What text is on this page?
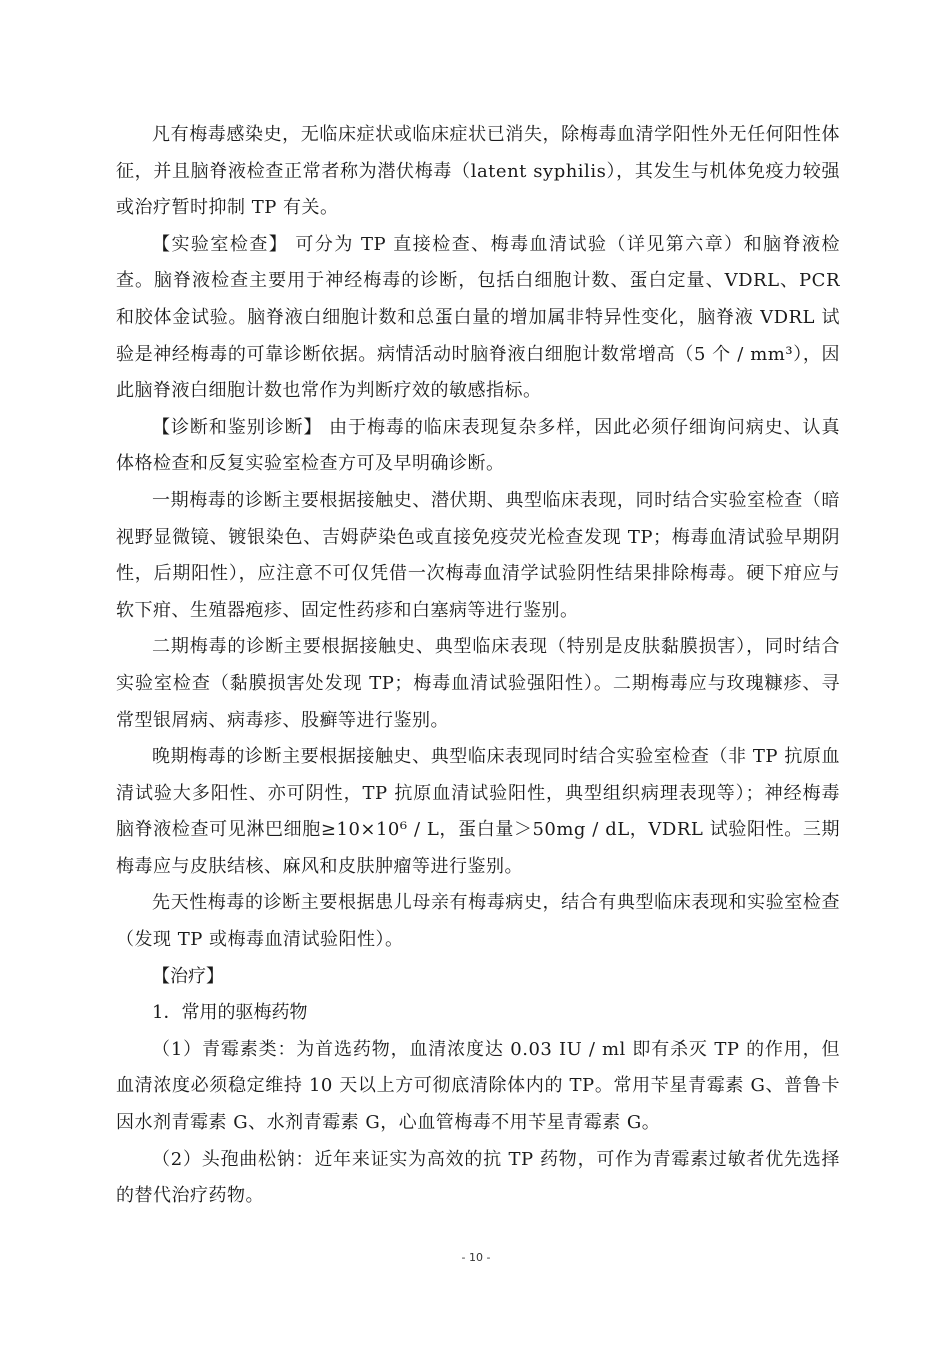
凡有梅毒感染史，无临床症状或临床症状已消失，除梅毒血清学阳性外无任何阳性体征，并且脑脊液检查正常者称为潜伏梅毒（latent syphilis），其发生与机体免疫力较强或治疗暂时抑制 TP 有关。

【实验室检查】 可分为 TP 直接检查、梅毒血清试验（详见第六章）和脑脊液检查。脑脊液检查主要用于神经梅毒的诊断，包括白细胞计数、蛋白定量、VDRL、PCR 和胶体金试验。脑脊液白细胞计数和总蛋白量的增加属非特异性变化，脑脊液 VDRL 试验是神经梅毒的可靠诊断依据。病情活动时脑脊液白细胞计数常增高（5 个 / mm³），因此脑脊液白细胞计数也常作为判断疗效的敏感指标。

【诊断和鉴别诊断】 由于梅毒的临床表现复杂多样，因此必须仔细询问病史、认真体格检查和反复实验室检查方可及早明确诊断。

一期梅毒的诊断主要根据接触史、潜伏期、典型临床表现，同时结合实验室检查（暗视野显微镜、镀银染色、吉姆萨染色或直接免疫荧光检查发现 TP；梅毒血清试验早期阴性，后期阳性），应注意不可仅凭借一次梅毒血清学试验阴性结果排除梅毒。硬下疳应与软下疳、生殖器疱疹、固定性药疹和白塞病等进行鉴别。

二期梅毒的诊断主要根据接触史、典型临床表现（特别是皮肤黏膜损害），同时结合实验室检查（黏膜损害处发现 TP；梅毒血清试验强阳性）。二期梅毒应与玫瑰糠疹、寻常型银屑病、病毒疹、股癣等进行鉴别。

晚期梅毒的诊断主要根据接触史、典型临床表现同时结合实验室检查（非 TP 抗原血清试验大多阳性、亦可阴性，TP 抗原血清试验阳性，典型组织病理表现等）；神经梅毒脑脊液检查可见淋巴细胞≥10×10⁶ / L，蛋白量＞50mg / dL，VDRL 试验阳性。三期梅毒应与皮肤结核、麻风和皮肤肿瘤等进行鉴别。

先天性梅毒的诊断主要根据患儿母亲有梅毒病史，结合有典型临床表现和实验室检查（发现 TP 或梅毒血清试验阳性）。

【治疗】

1．常用的驱梅药物

（1）青霉素类：为首选药物，血清浓度达 0.03 IU / ml 即有杀灭 TP 的作用，但血清浓度必须稳定维持 10 天以上方可彻底清除体内的 TP。常用苄星青霉素 G、普鲁卡因水剂青霉素 G、水剂青霉素 G，心血管梅毒不用苄星青霉素 G。

（2）头孢曲松钠：近年来证实为高效的抗 TP 药物，可作为青霉素过敏者优先选择的替代治疗药物。

- 10 -
